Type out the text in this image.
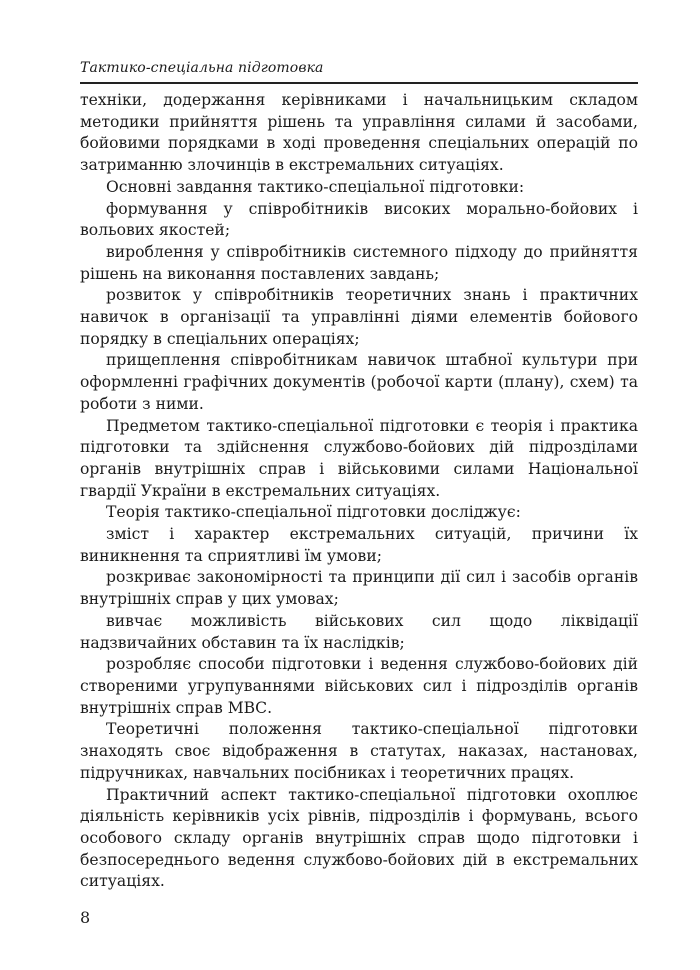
Тактико-спеціальна підготовка

техніки, додержання керівниками і начальницьким складом методики прийняття рішень та управління силами й засобами, бойовими порядками в ході проведення спеціальних операцій по затриманню злочинців в екстремальних ситуаціях.

Основні завдання тактико-спеціальної підготовки:

формування у співробітників високих морально-бойових і вольових якостей;

вироблення у співробітників системного підходу до прийняття рішень на виконання поставлених завдань;

розвиток у співробітників теоретичних знань і практичних навичок в організації та управлінні діями елементів бойового порядку в спеціальних операціях;

прищеплення співробітникам навичок штабної культури при оформленні графічних документів (робочої карти (плану), схем) та роботи з ними.

Предметом тактико-спеціальної підготовки є теорія і практика підготовки та здійснення службово-бойових дій підрозділами органів внутрішніх справ і військовими силами Національної гвардії України в екстремальних ситуаціях.

Теорія тактико-спеціальної підготовки досліджує:

зміст і характер екстремальних ситуацій, причини їх виникнення та сприятливі їм умови;

розкриває закономірності та принципи дії сил і засобів органів внутрішніх справ у цих умовах;

вивчає можливість військових сил щодо ліквідації надзвичайних обставин та їх наслідків;

розробляє способи підготовки і ведення службово-бойових дій створеними угрупуваннями військових сил і підрозділів органів внутрішніх справ МВС.

Теоретичні положення тактико-спеціальної підготовки знаходять своє відображення в статутах, наказах, настановах, підручниках, навчальних посібниках і теоретичних працях.

Практичний аспект тактико-спеціальної підготовки охоплює діяльність керівників усіх рівнів, підрозділів і формувань, всього особового складу органів внутрішніх справ щодо підготовки і безпосереднього ведення службово-бойових дій в екстремальних ситуаціях.

8
